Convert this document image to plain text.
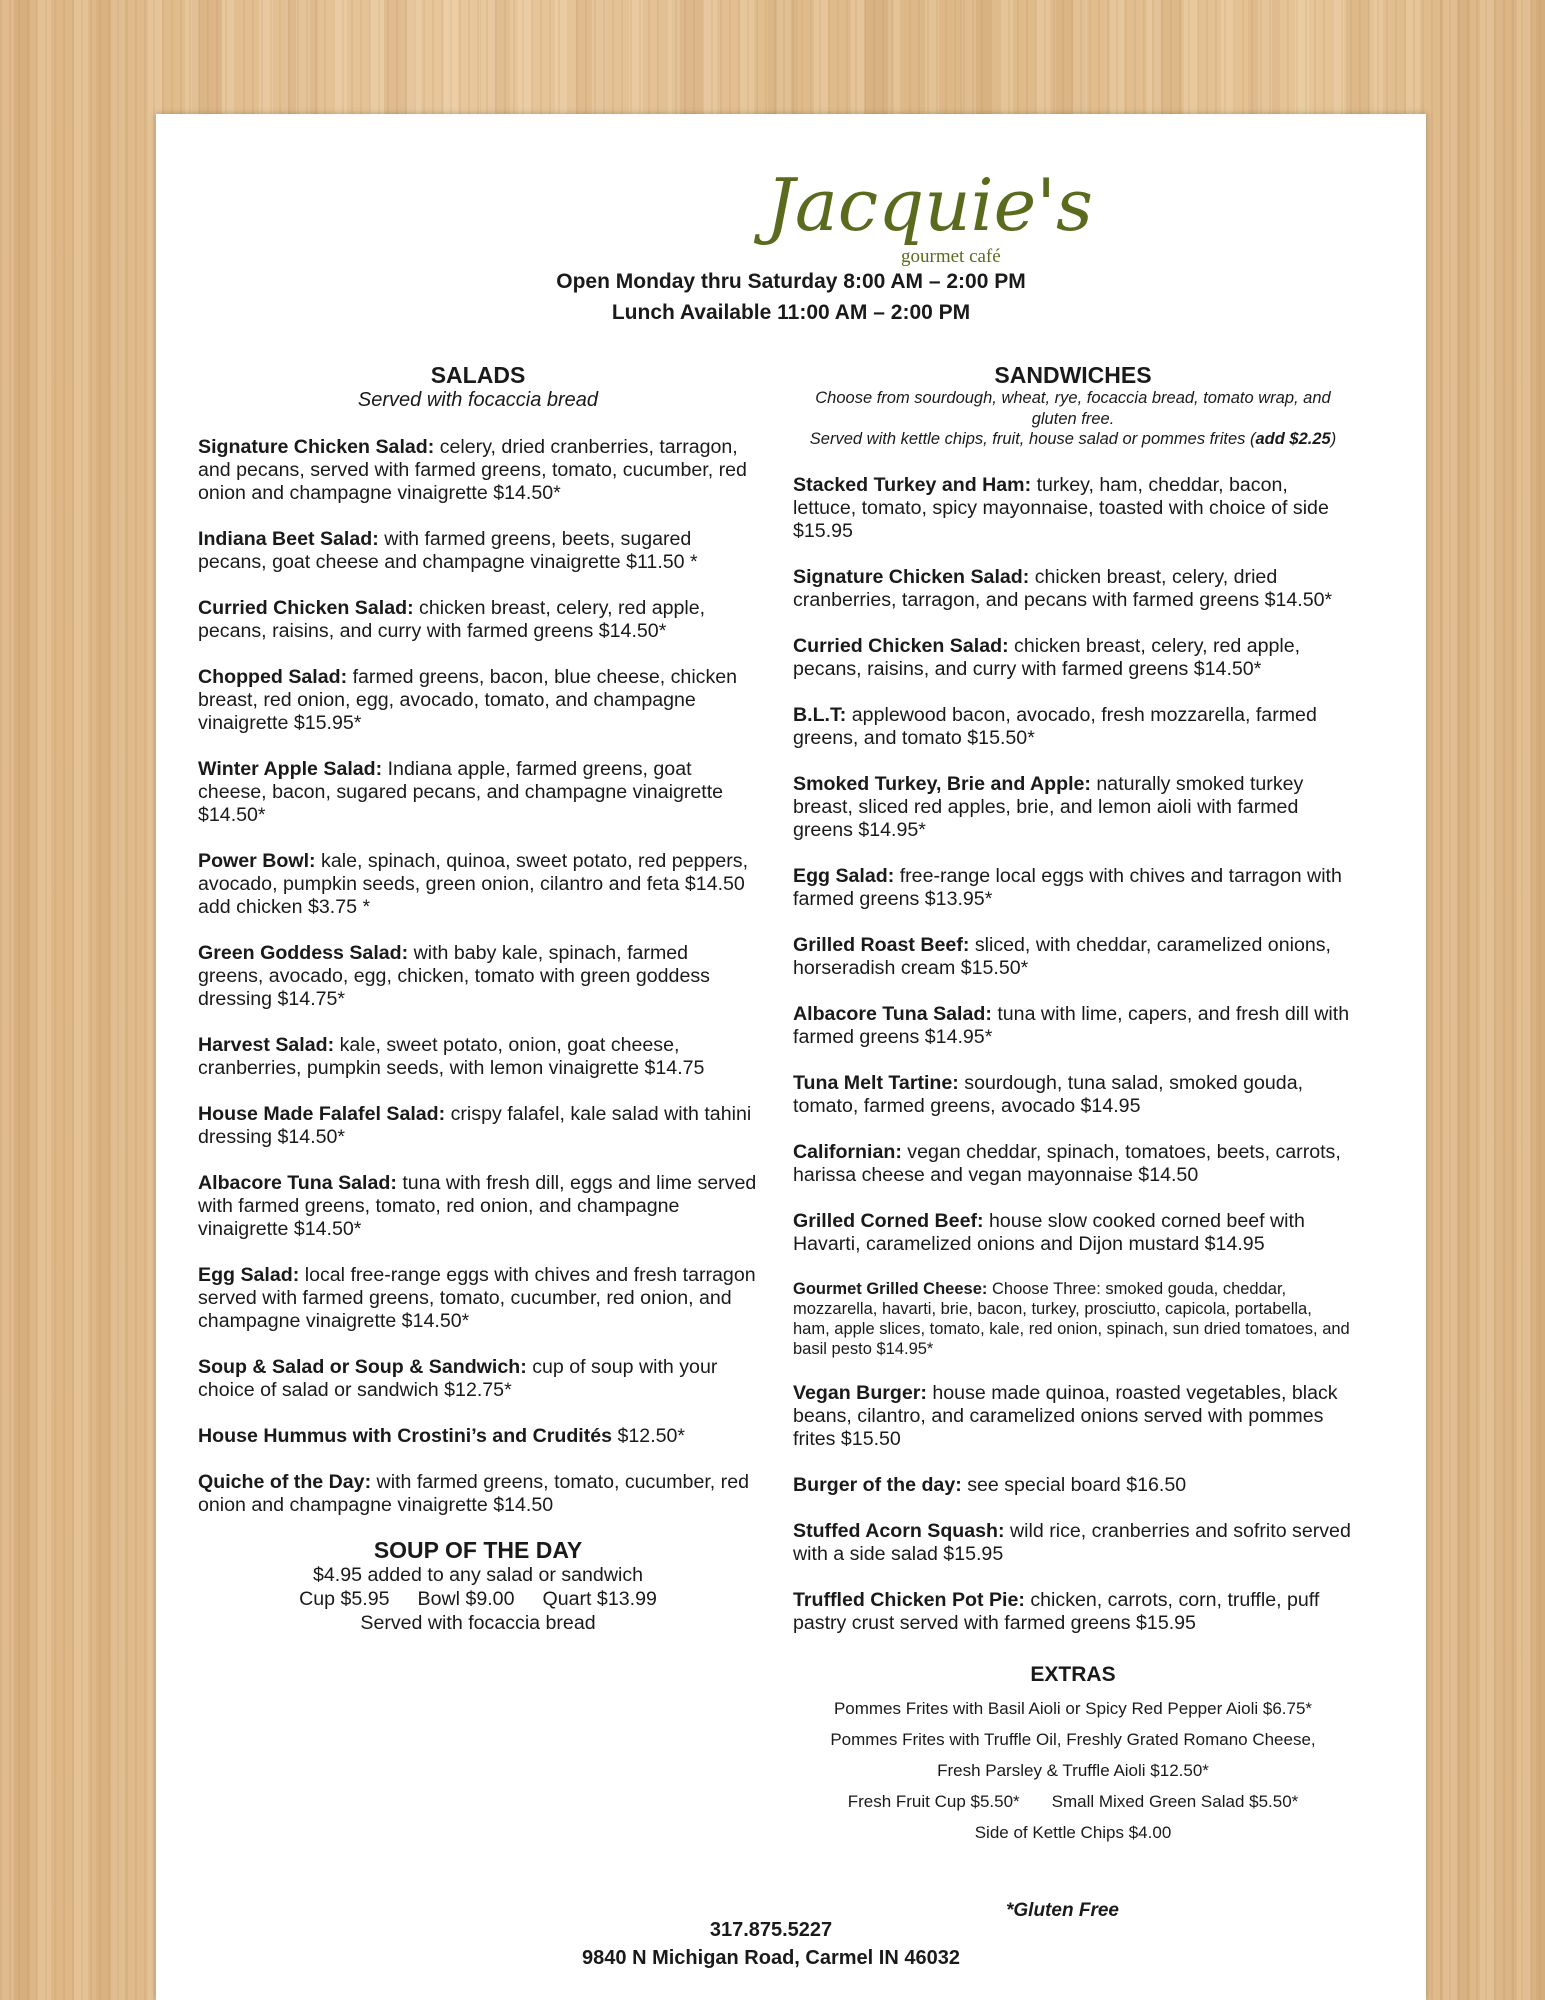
Jacquie's
gourmet café
Open Monday thru Saturday 8:00 AM – 2:00 PM
Lunch Available 11:00 AM – 2:00 PM
SALADS
Served with focaccia bread
Signature Chicken Salad: celery, dried cranberries, tarragon, and pecans, served with farmed greens, tomato, cucumber, red onion and champagne vinaigrette $14.50*
Indiana Beet Salad: with farmed greens, beets, sugared pecans, goat cheese and champagne vinaigrette $11.50 *
Curried Chicken Salad: chicken breast, celery, red apple, pecans, raisins, and curry with farmed greens $14.50*
Chopped Salad: farmed greens, bacon, blue cheese, chicken breast, red onion, egg, avocado, tomato, and champagne vinaigrette $15.95*
Winter Apple Salad: Indiana apple, farmed greens, goat cheese, bacon, sugared pecans, and champagne vinaigrette $14.50*
Power Bowl: kale, spinach, quinoa, sweet potato, red peppers, avocado, pumpkin seeds, green onion, cilantro and feta $14.50 add chicken $3.75 *
Green Goddess Salad: with baby kale, spinach, farmed greens, avocado, egg, chicken, tomato with green goddess dressing $14.75*
Harvest Salad: kale, sweet potato, onion, goat cheese, cranberries, pumpkin seeds, with lemon vinaigrette $14.75
House Made Falafel Salad: crispy falafel, kale salad with tahini dressing $14.50*
Albacore Tuna Salad: tuna with fresh dill, eggs and lime served with farmed greens, tomato, red onion, and champagne vinaigrette $14.50*
Egg Salad: local free-range eggs with chives and fresh tarragon served with farmed greens, tomato, cucumber, red onion, and champagne vinaigrette $14.50*
Soup & Salad or Soup & Sandwich: cup of soup with your choice of salad or sandwich $12.75*
House Hummus with Crostini’s and Crudités $12.50*
Quiche of the Day: with farmed greens, tomato, cucumber, red onion and champagne vinaigrette $14.50
SOUP OF THE DAY
$4.95 added to any salad or sandwich
Cup $5.95 Bowl $9.00 Quart $13.99
Served with focaccia bread
SANDWICHES
Choose from sourdough, wheat, rye, focaccia bread, tomato wrap, and gluten free.
Served with kettle chips, fruit, house salad or pommes frites (add $2.25)
Stacked Turkey and Ham: turkey, ham, cheddar, bacon, lettuce, tomato, spicy mayonnaise, toasted with choice of side $15.95
Signature Chicken Salad: chicken breast, celery, dried cranberries, tarragon, and pecans with farmed greens $14.50*
Curried Chicken Salad: chicken breast, celery, red apple, pecans, raisins, and curry with farmed greens $14.50*
B.L.T: applewood bacon, avocado, fresh mozzarella, farmed greens, and tomato $15.50*
Smoked Turkey, Brie and Apple: naturally smoked turkey breast, sliced red apples, brie, and lemon aioli with farmed greens $14.95*
Egg Salad: free-range local eggs with chives and tarragon with farmed greens $13.95*
Grilled Roast Beef: sliced, with cheddar, caramelized onions, horseradish cream $15.50*
Albacore Tuna Salad: tuna with lime, capers, and fresh dill with farmed greens $14.95*
Tuna Melt Tartine: sourdough, tuna salad, smoked gouda, tomato, farmed greens, avocado $14.95
Californian: vegan cheddar, spinach, tomatoes, beets, carrots, harissa cheese and vegan mayonnaise $14.50
Grilled Corned Beef: house slow cooked corned beef with Havarti, caramelized onions and Dijon mustard $14.95
Gourmet Grilled Cheese: Choose Three: smoked gouda, cheddar, mozzarella, havarti, brie, bacon, turkey, prosciutto, capicola, portabella, ham, apple slices, tomato, kale, red onion, spinach, sun dried tomatoes, and basil pesto $14.95*
Vegan Burger: house made quinoa, roasted vegetables, black beans, cilantro, and caramelized onions served with pommes frites $15.50
Burger of the day: see special board $16.50
Stuffed Acorn Squash: wild rice, cranberries and sofrito served with a side salad $15.95
Truffled Chicken Pot Pie: chicken, carrots, corn, truffle, puff pastry crust served with farmed greens $15.95
EXTRAS
Pommes Frites with Basil Aioli or Spicy Red Pepper Aioli $6.75*
Pommes Frites with Truffle Oil, Freshly Grated Romano Cheese,
Fresh Parsley & Truffle Aioli $12.50*
Fresh Fruit Cup $5.50* Small Mixed Green Salad $5.50*
Side of Kettle Chips $4.00
*Gluten Free
317.875.5227
9840 N Michigan Road, Carmel IN 46032
